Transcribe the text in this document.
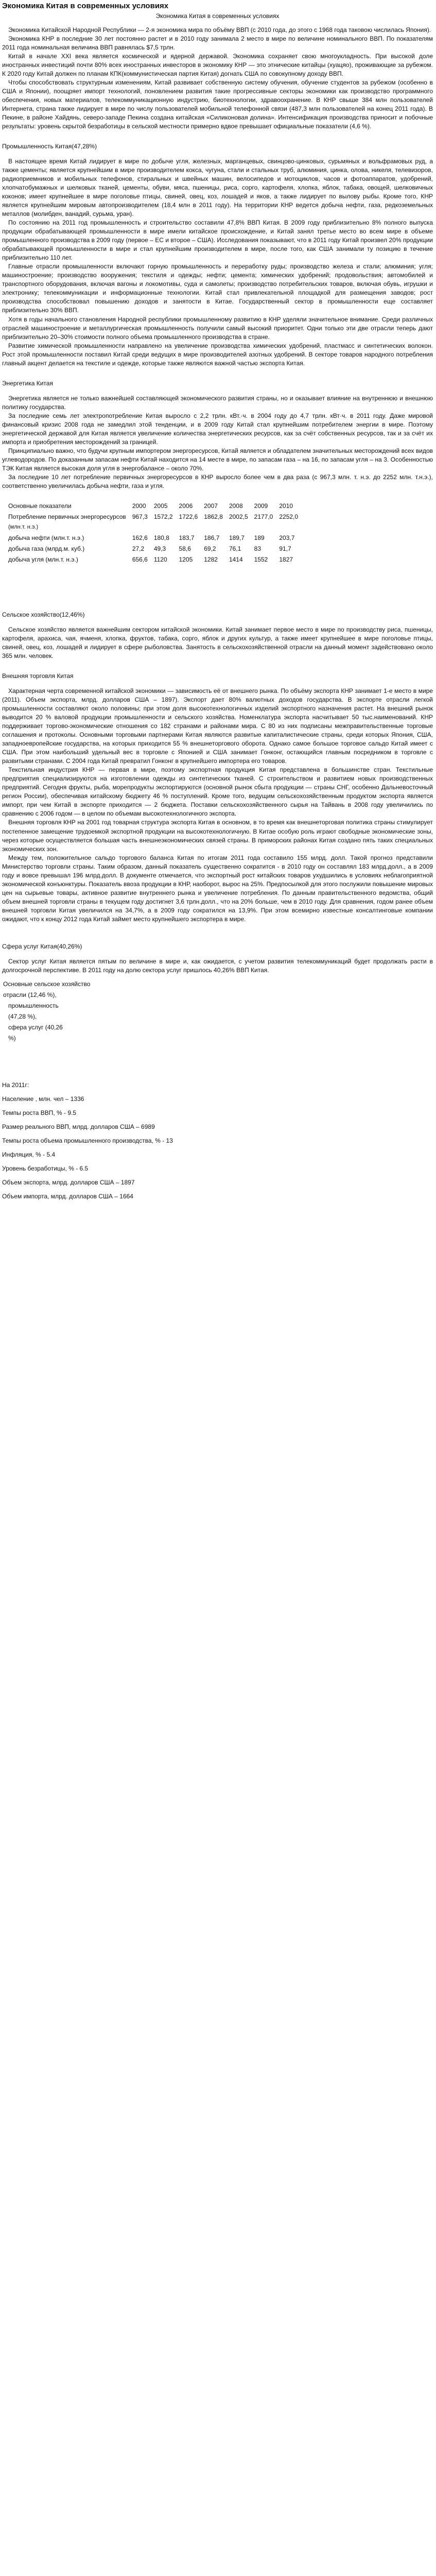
Экономика Китая в современных условиях
Экономика Китая в современных условиях

Экономика Китайской Народной Республики — 2-я экономика мира по объёму ВВП (с 2010 года, до этого с 1968 года таковою числилась Япония).

Экономика КНР в последние 30 лет постоянно растет и в 2010 году занимала 2 место в мире по величине номинального ВВП. По показателям 2011 года номинальная величина ВВП равнялась $7,5 трлн.

Китай в начале XXI века является космической и ядерной державой. Экономика сохраняет свою многоукладность. При высокой доле иностранных инвестиций почти 80% всех иностранных инвесторов в экономику КНР — это этнические китайцы (хуацяо), проживающие за рубежом. К 2020 году Китай должен по планам КПК(коммунистическая партия Китая) догнать США по совокупному доходу ВВП.

Чтобы способствовать структурным изменениям, Китай развивает собственную систему обучения, обучение студентов за рубежом (особенно в США и Японии), поощряет импорт технологий, поновлением развития такие прогрессивные секторы экономики как производство программного обеспечения, новых материалов, телекоммуникационную индустрию, биотехнологии, здравоохранение. В КНР свыше 384 млн пользователей Интернета, страна также лидирует в мире по числу пользователей мобильной телефонной связи (487,3 млн пользователей на конец 2011 года). В Пекине, в районе Хайдянь, северо-западе Пекина создана китайская «Силиконовая долина». Интенсификация производства приносит и побочные результаты: уровень скрытой безработицы в сельской местности примерно вдвое превышает официальные показатели (4,6 %).

Промышленность Китая(47,28%)

В настоящее время Китай лидирует в мире по добыче угля, железных, марганцевых, свинцово-цинковых, сурьмяных и вольфрамовых руд, а также цементы; является крупнейшим в мире производителем кокса, чугуна, стали и стальных труб, алюминия, цинка, олова, никеля, телевизоров, радиоприемников и мобильных телефонов, стиральных и швейных машин, велосипедов и мотоциклов, часов и фотоаппаратов, удобрений, хлопчатобумажных и шелковых тканей, цементы, обуви, мяса, пшеницы, риса, сорго, картофеля, хлопка, яблок, табака, овощей, шелковичных коконов; имеет крупнейшее в мире поголовье птицы, свиней, овец, коз, лошадей и яков, а также лидирует по вылову рыбы. Кроме того, КНР является крупнейшим мировым автопроизводителем (18,4 млн в 2011 году). На территории КНР ведется добыча нефти, газа, редкоземельных металлов (молибден, ванадий, сурьма, уран).

По состоянию на 2011 год промышленность и строительство составили 47,8% ВВП Китая. В 2009 году приблизительно 8% полного выпуска продукции обрабатывающей промышленности в мире имели китайское происхождение, и Китай занял третье место во всем мире в объеме промышленного производства в 2009 году (первое – ЕС и второе – США). Исследования показывают, что в 2011 году Китай произвел 20% продукции обрабатывающей промышленности в мире и стал крупнейшим производителем в мире, после того, как США занимали ту позицию в течение приблизительно 110 лет.

Главные отрасли промышленности включают горную промышленность и переработку руды; производство железа и стали; алюминия; угля; машиностроение; производство вооружения; текстиля и одежды; нефти; цемента; химических удобрений; продовольствия; автомобилей и транспортного оборудования, включая вагоны и локомотивы, суда и самолеты; производство потребительских товаров, включая обувь, игрушки и электронику; телекоммуникации и информационные технологии. Китай стал привлекательной площадкой для размещения заводов; рост производства способствовал повышению доходов и занятости в Китае. Государственный сектор в промышленности еще составляет приблизительно 30% ВВП.

Хотя в годы начального становления Народной республики промышленному развитию в КНР уделяли значительное внимание. Среди различных отраслей машиностроение и металлургическая промышленность получили самый высокий приоритет. Одни только эти две отрасли теперь дают приблизительно 20–30% стоимости полного объема промышленного производства в стране.

Развитие химической промышленности направлено на увеличение производства химических удобрений, пластмасс и синтетических волокон. Рост этой промышленности поставил Китай среди ведущих в мире производителей азотных удобрений. В секторе товаров народного потребления главный акцент делается на текстиле и одежде, которые также являются важной частью экспорта Китая.

Энергетика Китая

Энергетика является не только важнейшей составляющей экономического развития страны, но и оказывает влияние на внутреннюю и внешнюю политику государства.

За последние семь лет электропотребление Китая выросло с 2,2 трлн. кВт.·ч. в 2004 году до 4,7 трлн. кВт·ч. в 2011 году. Даже мировой финансовый кризис 2008 года не замедлил этой тенденции, и в 2009 году Китай стал крупнейшим потребителем энергии в мире. Поэтому энергетической державой для Китая является увеличение количества энергетических ресурсов, как за счёт собственных ресурсов, так и за счёт их импорта и приобретения месторождений за границей.

Принципиально важно, что будучи крупным импортером энергоресурсов, Китай является и обладателем значительных месторождений всех видов углеводородов. По доказанным запасам нефти Китай находится на 14 месте в мире, по запасам газа – на 16, по запасам угля – на 3. Особенностью ТЭК Китая является высокая доля угля в энергобалансе – около 70%.

За последние 10 лет потребление первичных энергоресурсов в КНР выросло более чем в два раза (с 967,3 млн. т. н.э. до 2252 млн. т.н.э.), соответственно увеличилась добыча нефти, газа и угля.

Основные показатели	2000	2005	2006	2007	2008	2009	2010
Потребление первичных энергоресурсов	967,3	1572,2	1722,6	1862,8	2002,5	2177,0	2252,0
(млн.т. н.э.)							
добыча нефти (млн.т. н.э.)	162,6	180,8	183,7	186,7	189,7	189	203,7
добыча газа (млрд.м. куб.)	27,2	49,3	58,6	69,2	76,1	83	91,7
добыча угля (млн.т. н.э.)	656,6	1120	1205	1282	1414	1552	1827
Сельское хозяйство(12,46%)

Сельское хозяйство является важнейшим сектором китайской экономики. Китай занимает первое место в мире по производству риса, пшеницы, картофеля, арахиса, чая, ячменя, хлопка, фруктов, табака, сорго, яблок и других культур, а также имеет крупнейшее в мире поголовье птицы, свиней, овец, коз, лошадей и лидирует в сфере рыболовства. Занятость в сельскохозяйственной отрасли на данный момент задействовано около 365 млн. человек.

Внешняя торговля Китая

Характерная черта современной китайской экономики — зависимость её от внешнего рынка. По объёму экспорта КНР занимает 1-е место в мире (2011). Объем экспорта, млрд. долларов США – 1897). Экспорт дает 80% валютных доходов государства. В экспорте отрасли легкой промышленности составляют около половины; при этом доля высокотехнологичных изделий экспортного назначения растет. На внешний рынок выводится 20 % валовой продукции промышленности и сельского хозяйства. Номенклатура экспорта насчитывает 50 тыс.наименований. КНР поддерживает торгово-экономические отношения со 182 странами и районами мира. С 80 из них подписаны межправительственные торговые соглашения и протоколы. Основными торговыми партнерами Китая являются развитые капиталистические страны, среди которых Япония, США, западноевропейские государства, на которых приходится 55 % внешнеторгового оборота. Однако самое большое торговое сальдо Китай имеет с США. При этом наибольший удельный вес в торговле с Японией и США занимает Гонконг, остающийся главным посредником в торговле с развитыми странами. С 2004 года Китай превратил Гонконг в крупнейшего импортера его товаров.

Текстильная индустрия КНР — первая в мире, поэтому экспортная продукция Китая представлена в большинстве стран. Текстильные предприятия специализируются на изготовлении одежды из синтетических тканей. С строительством и развитием новых производственных предприятий. Сегодня фрукты, рыба, морепродукты экспортируются (основной рынок сбыта продукции — страны СНГ, особенно Дальневосточный регион России), обеспечивая китайскому бюджету 46 % поступлений. Кроме того, ведущим сельскохозяйственным продуктом экспорта является импорт, при чем Китай в экспорте приходится — 2 бюджета. Поставки сельскохозяйственного сырья на Тайвань в 2008 году увеличились по сравнению с 2006 годом — в целом по объемам высокотехнологичного экспорта.

Внешняя торговля КНР на 2001 год товарная структура экспорта Китая в основном, в то время как внешнеторговая политика страны стимулирует постепенное замещение трудоемкой экспортной продукции на высокотехнологичную. В Китае особую роль играют свободные экономические зоны, через которые осуществляется большая часть внешнеэкономических связей страны. В приморских районах Китая создано пять таких специальных экономических зон.

Между тем, положительное сальдо торгового баланса Китая по итогам 2011 года составило 155 млрд. долл. Такой прогноз представили Министерство торговли страны. Таким образом, данный показатель существенно сократится - в 2010 году он составлял 183 млрд.долл., а в 2009 году и вовсе превышал 196 млрд.долл. В документе отмечается, что экспортный рост китайских товаров ухудшились в условиях неблагоприятной экономической конъюнктуры. Показатель ввоза продукции в КНР, наоборот, вырос на 25%. Предпосылкой для этого послужили повышение мировых цен на сырьевые товары, активное развитие внутреннего рынка и увеличение потребления. По данным правительственного ведомства, общий объем внешней торговли страны в текущем году достигнет 3,6 трлн.долл., что на 20% больше, чем в 2010 году. Для сравнения, годом ранее объем внешней торговли Китая увеличился на 34,7%, а в 2009 году сократился на 13,9%. При этом всемирно известные консалтинговые компании ожидают, что к концу 2012 года Китай займет место крупнейшего экспортера в мире.

Сфера услуг Китая(40,26%)

Сектор услуг Китая является пятым по величине в мире и, как ожидается, с учетом развития телекоммуникаций будет продолжать расти в долгосрочной перспективе. В 2011 году на долю сектора услуг пришлось 40,26% ВВП Китая.

Основные сельское хозяйство
отрасли (12,46 %),
промышленность
(47,28 %),
сфера услуг (40,26
%)
На 2011г:
Население , млн. чел – 1336
Темпы роста ВВП, % - 9.5
Размер реального ВВП, млрд. долларов США – 6989
Темпы роста объема промышленного производства, % - 13
Инфляция, % - 5.4
Уровень безработицы, % - 6.5
Объем экспорта, млрд. долларов США – 1897
Объем импорта, млрд. долларов США – 1664
